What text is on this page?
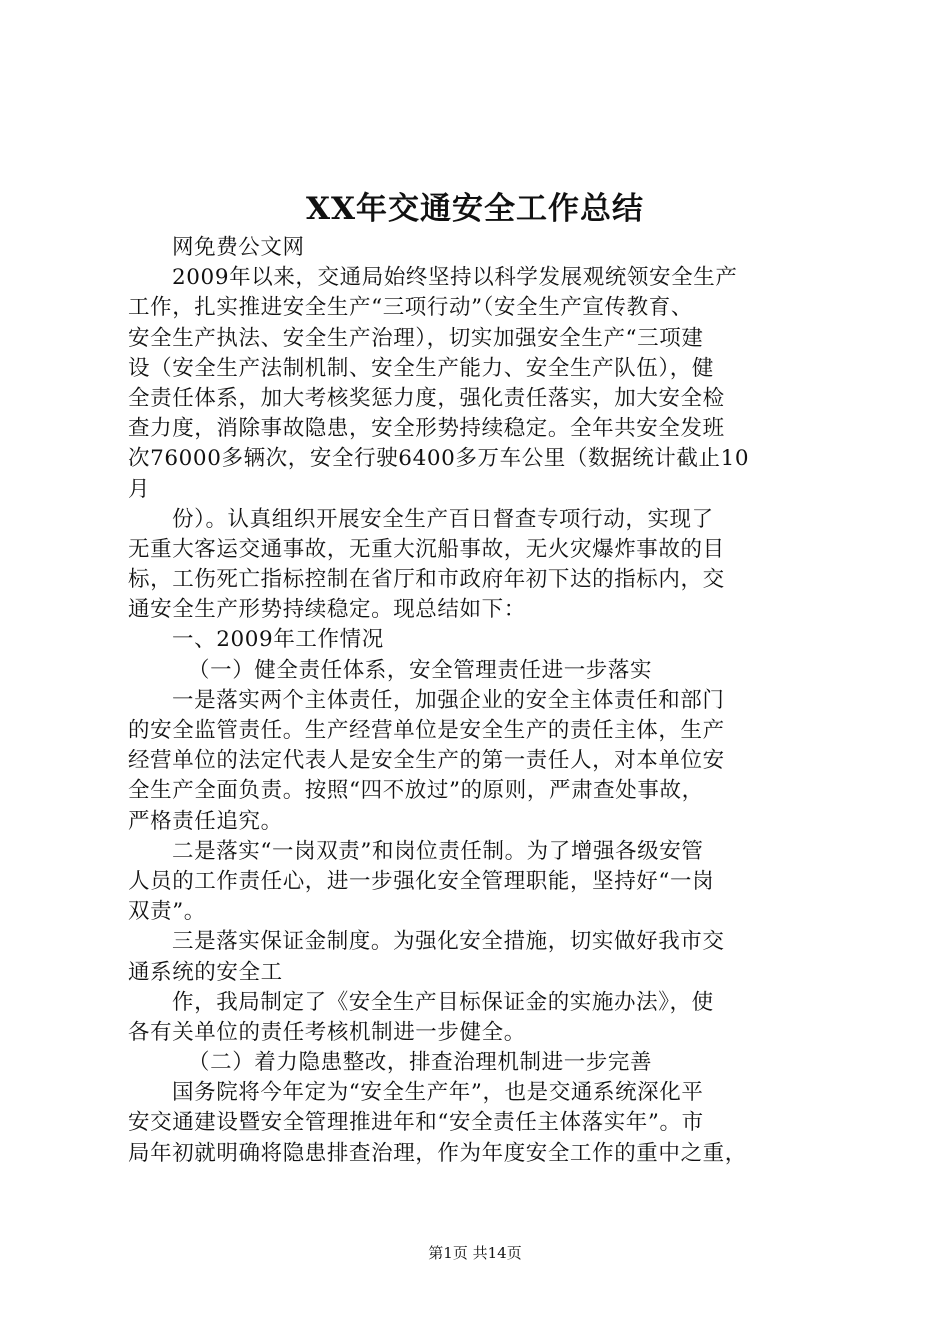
XX年交通安全工作总结
网免费公文网
2009年以来，交通局始终坚持以科学发展观统领安全生产
工作，扎实推进安全生产“三项行动”（安全生产宣传教育、
安全生产执法、安全生产治理），切实加强安全生产“三项建
设（安全生产法制机制、安全生产能力、安全生产队伍），健
全责任体系，加大考核奖惩力度，强化责任落实，加大安全检
查力度，消除事故隐患，安全形势持续稳定。全年共安全发班
次76000多辆次，安全行驶6400多万车公里（数据统计截止10
月
份）。认真组织开展安全生产百日督查专项行动，实现了
无重大客运交通事故，无重大沉船事故，无火灾爆炸事故的目
标，工伤死亡指标控制在省厅和市政府年初下达的指标内，交
通安全生产形势持续稳定。现总结如下：
一、2009年工作情况
（一）健全责任体系，安全管理责任进一步落实
一是落实两个主体责任，加强企业的安全主体责任和部门
的安全监管责任。生产经营单位是安全生产的责任主体，生产
经营单位的法定代表人是安全生产的第一责任人，对本单位安
全生产全面负责。按照“四不放过”的原则，严肃查处事故，
严格责任追究。
二是落实“一岗双责”和岗位责任制。为了增强各级安管
人员的工作责任心，进一步强化安全管理职能，坚持好“一岗
双责”。
三是落实保证金制度。为强化安全措施，切实做好我市交
通系统的安全工
作，我局制定了《安全生产目标保证金的实施办法》，使
各有关单位的责任考核机制进一步健全。
（二）着力隐患整改，排查治理机制进一步完善
国务院将今年定为“安全生产年”，也是交通系统深化平
安交通建设暨安全管理推进年和“安全责任主体落实年”。市
局年初就明确将隐患排查治理，作为年度安全工作的重中之重，
第1页 共14页
